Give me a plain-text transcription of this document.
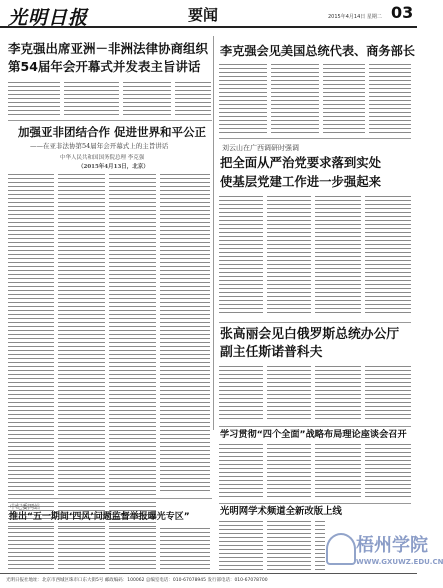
光明日报	要闻	2015年4月14日 星期二 03
李克强出席亚洲－非洲法律协商组织
第54届年会开幕式并发表主旨讲话
李克强会见美国总统代表、商务部长
加强亚非团结合作 促进世界和平公正
——在亚非法协第54届年会开幕式上的主旨讲话
中华人民共和国国务院总理 李克强
（2015年4月13日，北京）
刘云山在广西调研时强调
把全面从严治党要求落到实处
使基层党建工作进一步强起来
张高丽会见白俄罗斯总统办公厅
副主任斯诺普科夫
学习贯彻“四个全面”战略布局理论座谈会召开
光明网学术频道全新改版上线
中纪委网站
推出“五一期间‘四风’问题监督举报曝光专区”
光明日报社地址：北京市西城区珠市口东大街5号 邮政编码：100062 总编室电话：010-67078945 发行部电话：010-67078700
梧州学院
WWW.GXUWZ.EDU.CN
